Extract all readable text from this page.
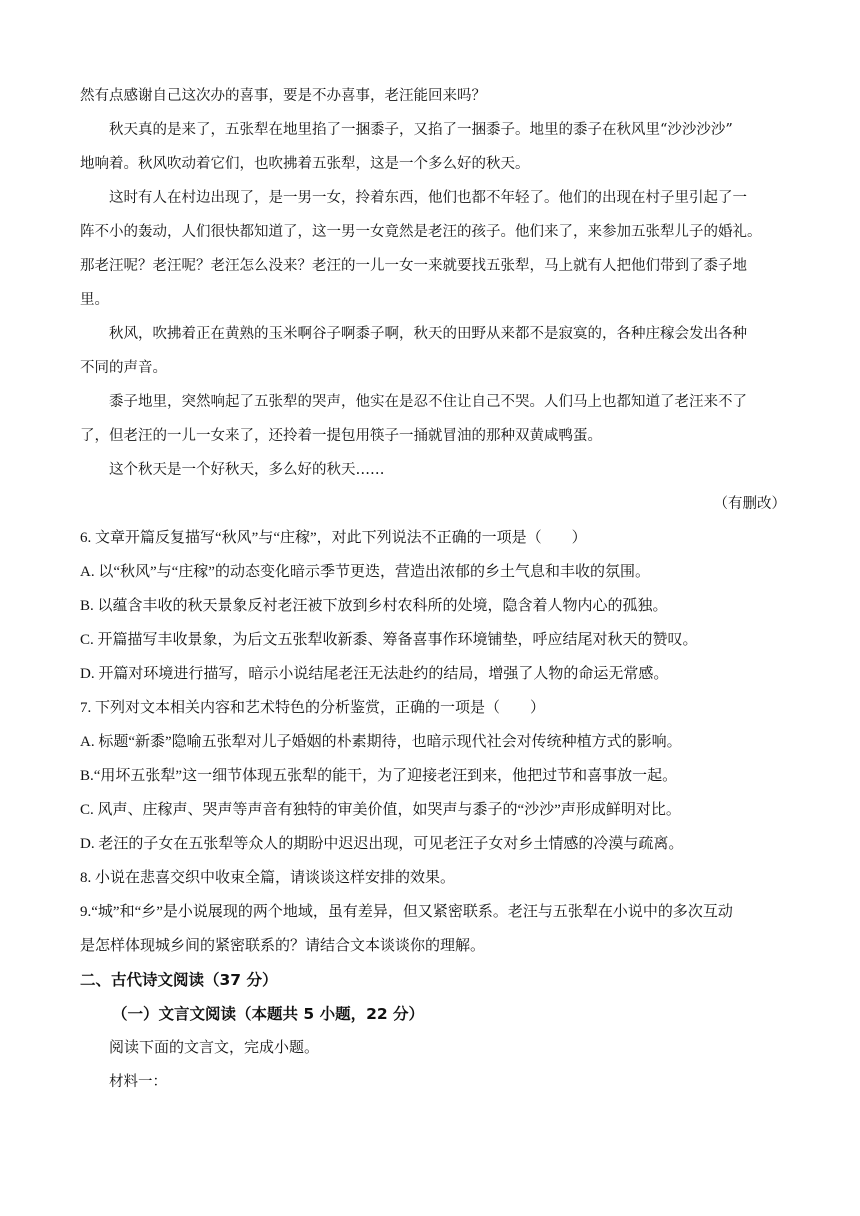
然有点感谢自己这次办的喜事，要是不办喜事，老汪能回来吗？
秋天真的是来了，五张犁在地里掐了一捆黍子，又掐了一捆黍子。地里的黍子在秋风里“沙沙沙沙”
地响着。秋风吹动着它们，也吹拂着五张犁，这是一个多么好的秋天。
这时有人在村边出现了，是一男一女，拎着东西，他们也都不年轻了。他们的出现在村子里引起了一
阵不小的轰动，人们很快都知道了，这一男一女竟然是老汪的孩子。他们来了，来参加五张犁儿子的婚礼。
那老汪呢？老汪呢？老汪怎么没来？老汪的一儿一女一来就要找五张犁，马上就有人把他们带到了黍子地
里。
秋风，吹拂着正在黄熟的玉米啊谷子啊黍子啊，秋天的田野从来都不是寂寞的，各种庄稼会发出各种
不同的声音。
黍子地里，突然响起了五张犁的哭声，他实在是忍不住让自己不哭。人们马上也都知道了老汪来不了
了，但老汪的一儿一女来了，还拎着一提包用筷子一捅就冒油的那种双黄咸鸭蛋。
这个秋天是一个好秋天，多么好的秋天……
（有删改）
6. 文章开篇反复描写“秋风”与“庄稼”，对此下列说法不正确的一项是（　　）
A. 以“秋风”与“庄稼”的动态变化暗示季节更迭，营造出浓郁的乡土气息和丰收的氛围。
B. 以蕴含丰收的秋天景象反衬老汪被下放到乡村农科所的处境，隐含着人物内心的孤独。
C. 开篇描写丰收景象，为后文五张犁收新黍、筹备喜事作环境铺垫，呼应结尾对秋天的赞叹。
D. 开篇对环境进行描写，暗示小说结尾老汪无法赴约的结局，增强了人物的命运无常感。
7. 下列对文本相关内容和艺术特色的分析鉴赏，正确的一项是（　　）
A. 标题“新黍”隐喻五张犁对儿子婚姻的朴素期待，也暗示现代社会对传统种植方式的影响。
B.“用坏五张犁”这一细节体现五张犁的能干，为了迎接老汪到来，他把过节和喜事放一起。
C. 风声、庄稼声、哭声等声音有独特的审美价值，如哭声与黍子的“沙沙”声形成鲜明对比。
D. 老汪的子女在五张犁等众人的期盼中迟迟出现，可见老汪子女对乡土情感的冷漠与疏离。
8. 小说在悲喜交织中收束全篇，请谈谈这样安排的效果。
9.“城”和“乡”是小说展现的两个地域，虽有差异，但又紧密联系。老汪与五张犁在小说中的多次互动
是怎样体现城乡间的紧密联系的？请结合文本谈谈你的理解。
二、古代诗文阅读（37 分）
（一）文言文阅读（本题共 5 小题，22 分）
阅读下面的文言文，完成小题。
材料一：
